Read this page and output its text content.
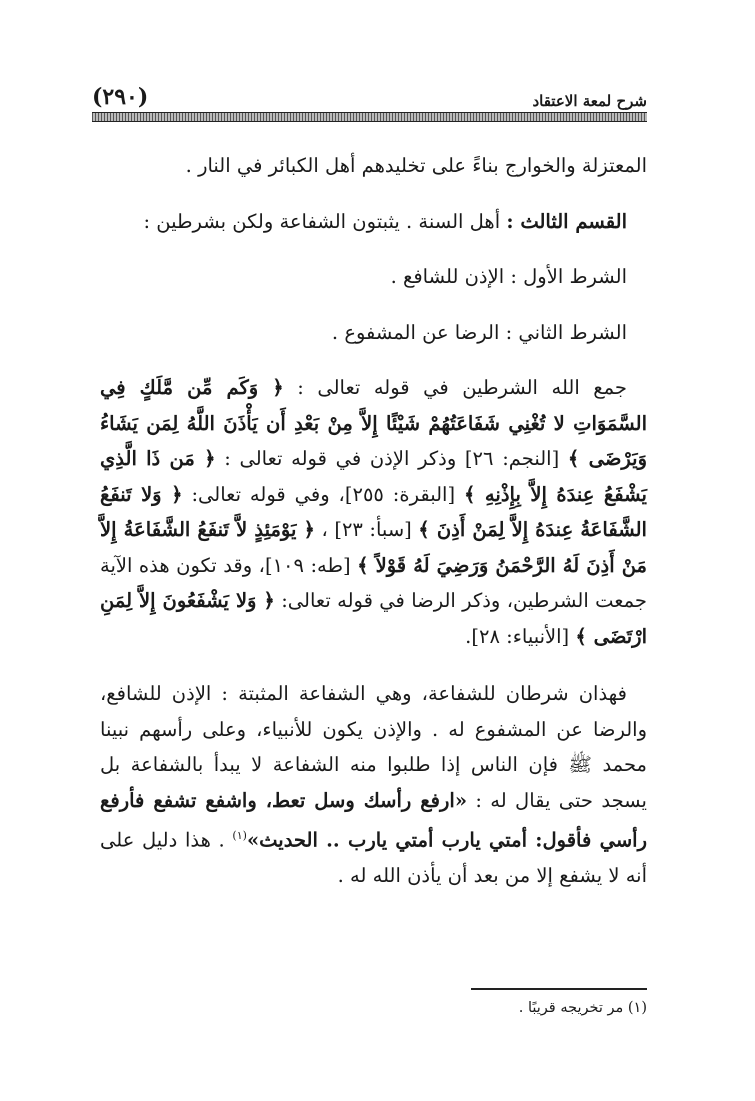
شرح لمعة الاعتقاد
(٢٩٠)

المعتزلة والخوارج بناءً على تخليدهم أهل الكبائر في النار .

القسم الثالث : أهل السنة . يثبتون الشفاعة ولكن بشرطين :

الشرط الأول : الإذن للشافع .

الشرط الثاني : الرضا عن المشفوع .

جمع الله الشرطين في قوله تعالى : ﴿ وَكَم مِّن مَّلَكٍ فِي السَّمَوَاتِ لا تُغْنِي شَفَاعَتُهُمْ شَيْئًا إِلاَّ مِنْ بَعْدِ أَن يَأْذَنَ اللَّهُ لِمَن يَشَاءُ وَيَرْضَى ﴾ [النجم: ٢٦] وذكر الإذن في قوله تعالى : ﴿ مَن ذَا الَّذِي يَشْفَعُ عِندَهُ إِلاَّ بِإِذْنِهِ ﴾ [البقرة: ٢٥٥]، وفي قوله تعالى: ﴿ وَلا تَنفَعُ الشَّفَاعَةُ عِندَهُ إِلاَّ لِمَنْ أَذِنَ ﴾ [سبأ: ٢٣] ، ﴿ يَوْمَئِذٍ لاَّ تَنفَعُ الشَّفَاعَةُ إِلاَّ مَنْ أَذِنَ لَهُ الرَّحْمَنُ وَرَضِيَ لَهُ قَوْلاً ﴾ [طه: ١٠٩]، وقد تكون هذه الآية جمعت الشرطين، وذكر الرضا في قوله تعالى: ﴿ وَلا يَشْفَعُونَ إِلاَّ لِمَنِ ارْتَضَى ﴾ [الأنبياء: ٢٨].

فهذان شرطان للشفاعة، وهي الشفاعة المثبتة : الإذن للشافع، والرضا عن المشفوع له . والإذن يكون للأنبياء، وعلى رأسهم نبينا محمد ﷺ فإن الناس إذا طلبوا منه الشفاعة لا يبدأ بالشفاعة بل يسجد حتى يقال له : «ارفع رأسك وسل تعط، واشفع تشفع فأرفع رأسي فأقول: أمتي يارب أمتي يارب .. الحديث»$^{(١)}$ . هذا دليل على أنه لا يشفع إلا من بعد أن يأذن الله له .

(١) مر تخريجه قريبًا .
